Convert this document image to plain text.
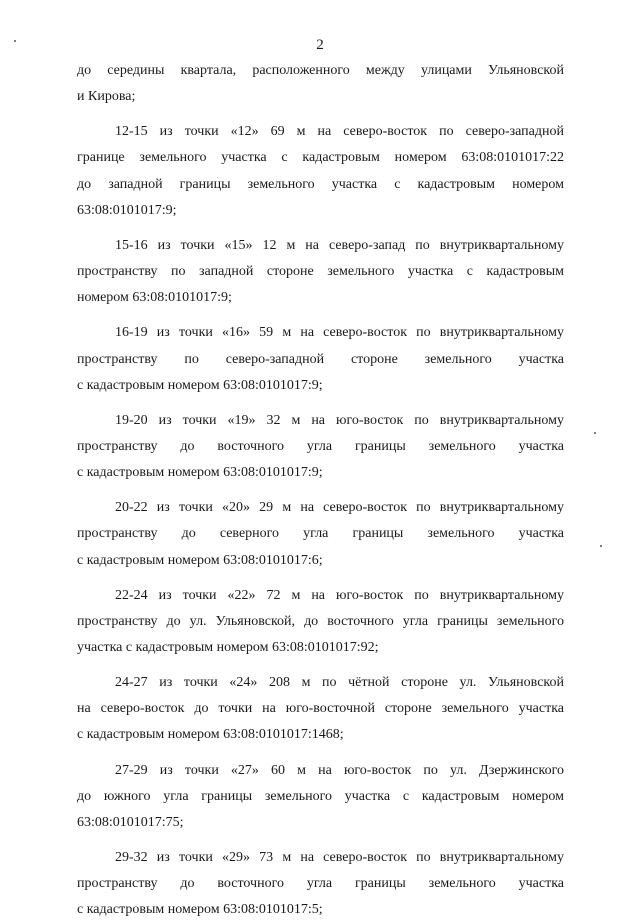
2
до середины квартала, расположенного между улицами Ульяновской
и Кирова;
12-15 из точки «12» 69 м на северо-восток по северо-западной
границе земельного участка с кадастровым номером 63:08:0101017:22
до западной границы земельного участка с кадастровым номером
63:08:0101017:9;
15-16 из точки «15» 12 м на северо-запад по внутриквартальному
пространству по западной стороне земельного участка с кадастровым
номером 63:08:0101017:9;
16-19 из точки «16» 59 м на северо-восток по внутриквартальному
пространству по северо-западной стороне земельного участка
с кадастровым номером 63:08:0101017:9;
19-20 из точки «19» 32 м на юго-восток по внутриквартальному
пространству до восточного угла границы земельного участка
с кадастровым номером 63:08:0101017:9;
20-22 из точки «20» 29 м на северо-восток по внутриквартальному
пространству до северного угла границы земельного участка
с кадастровым номером 63:08:0101017:6;
22-24 из точки «22» 72 м на юго-восток по внутриквартальному
пространству до ул. Ульяновской, до восточного угла границы земельного
участка с кадастровым номером 63:08:0101017:92;
24-27 из точки «24» 208 м по чётной стороне ул. Ульяновской
на северо-восток до точки на юго-восточной стороне земельного участка
с кадастровым номером 63:08:0101017:1468;
27-29 из точки «27» 60 м на юго-восток по ул. Дзержинского
до южного угла границы земельного участка с кадастровым номером
63:08:0101017:75;
29-32 из точки «29» 73 м на северо-восток по внутриквартальному
пространству до восточного угла границы земельного участка
с кадастровым номером 63:08:0101017:5;
